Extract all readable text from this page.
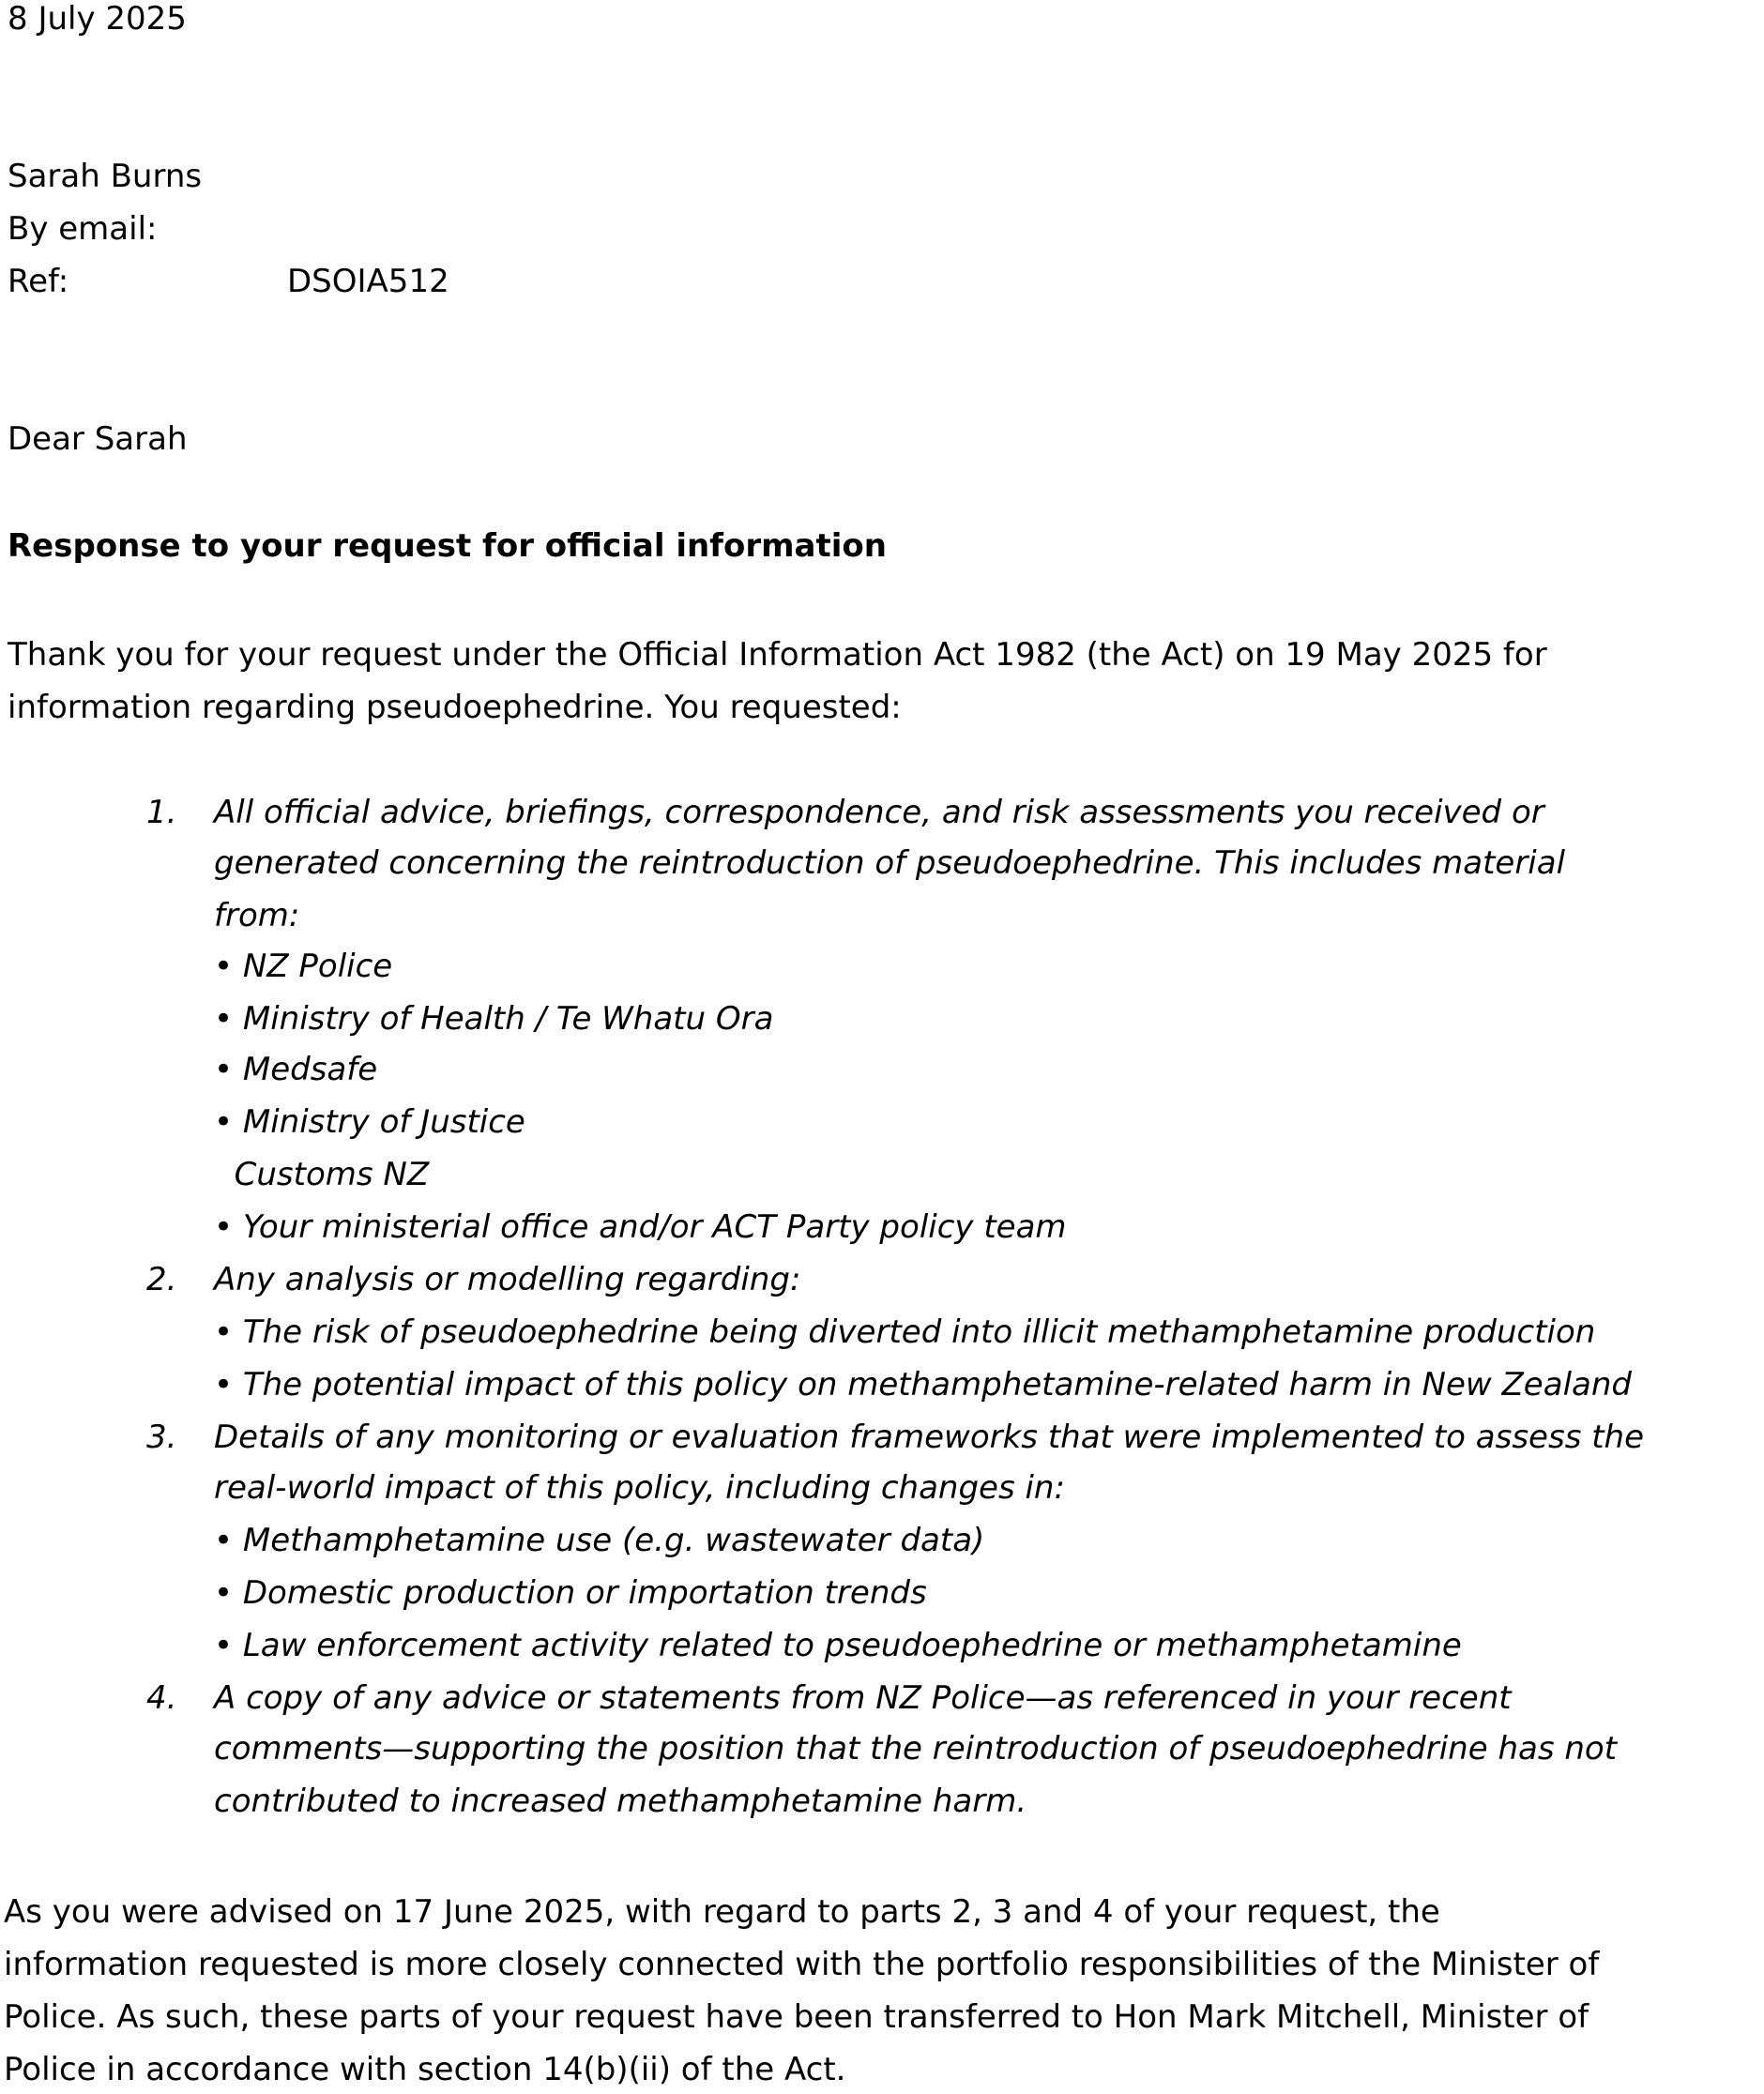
8 July 2025
Sarah Burns
By email:
Ref:	DSOIA512
Dear Sarah
Response to your request for official information
Thank you for your request under the Official Information Act 1982 (the Act) on 19 May 2025 for
information regarding pseudoephedrine. You requested:
1. All official advice, briefings, correspondence, and risk assessments you received or
generated concerning the reintroduction of pseudoephedrine. This includes material
from:
• NZ Police
• Ministry of Health / Te Whatu Ora
• Medsafe
• Ministry of Justice
Customs NZ
• Your ministerial office and/or ACT Party policy team
2. Any analysis or modelling regarding:
• The risk of pseudoephedrine being diverted into illicit methamphetamine production
• The potential impact of this policy on methamphetamine-related harm in New Zealand
3. Details of any monitoring or evaluation frameworks that were implemented to assess the
real-world impact of this policy, including changes in:
• Methamphetamine use (e.g. wastewater data)
• Domestic production or importation trends
• Law enforcement activity related to pseudoephedrine or methamphetamine
4. A copy of any advice or statements from NZ Police—as referenced in your recent
comments—supporting the position that the reintroduction of pseudoephedrine has not
contributed to increased methamphetamine harm.
As you were advised on 17 June 2025, with regard to parts 2, 3 and 4 of your request, the
information requested is more closely connected with the portfolio responsibilities of the Minister of
Police. As such, these parts of your request have been transferred to Hon Mark Mitchell, Minister of
Police in accordance with section 14(b)(ii) of the Act.
